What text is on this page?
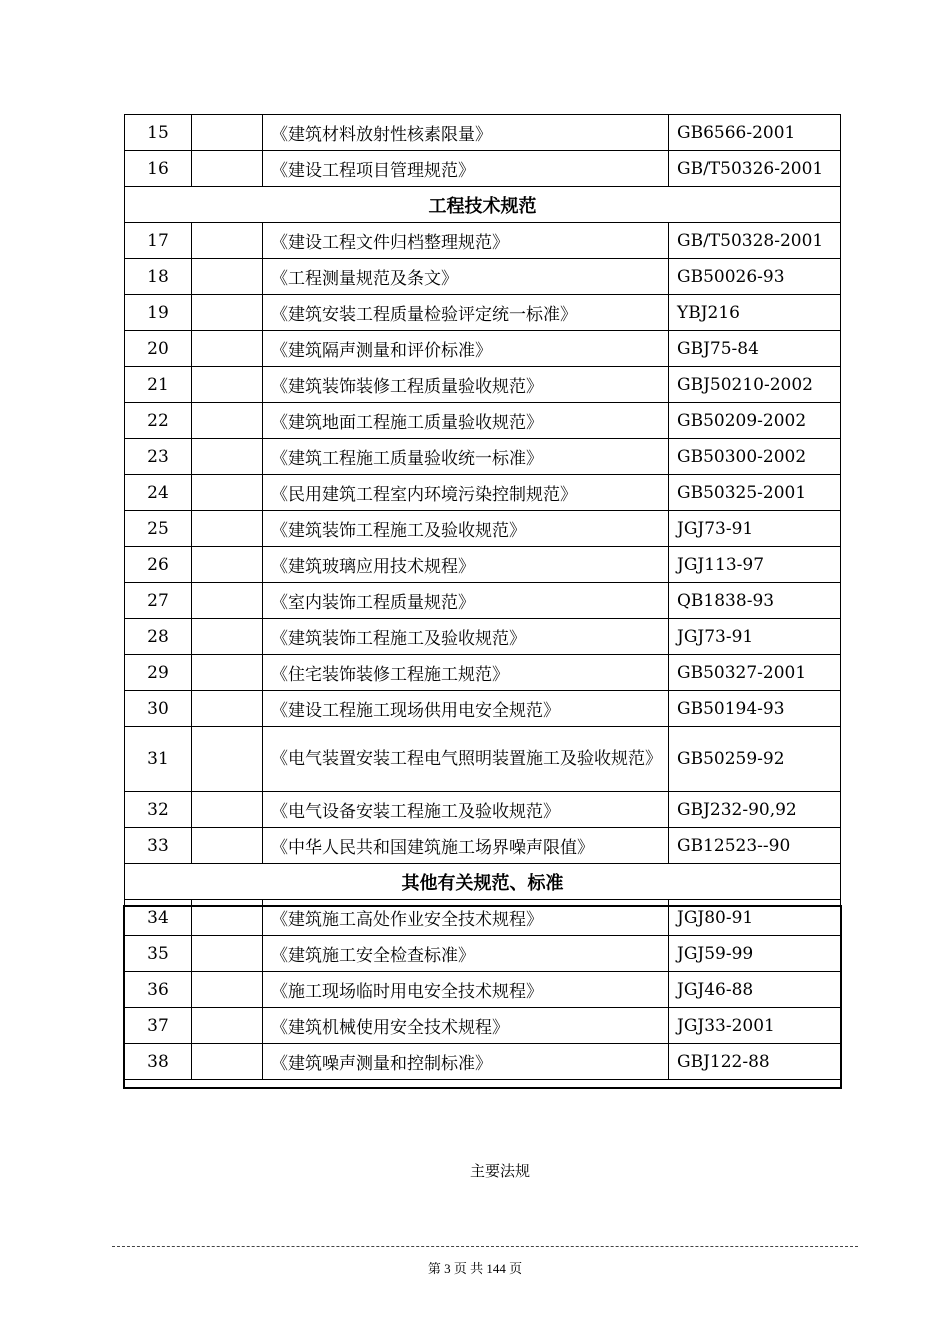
15		《建筑材料放射性核素限量》	GB6566-2001
16		《建设工程项目管理规范》	GB/T50326-2001
工程技术规范			
17		《建设工程文件归档整理规范》	GB/T50328-2001
18		《工程测量规范及条文》	GB50026-93
19		《建筑安装工程质量检验评定统一标准》	YBJ216
20		《建筑隔声测量和评价标准》	GBJ75-84
21		《建筑装饰装修工程质量验收规范》	GBJ50210-2002
22		《建筑地面工程施工质量验收规范》	GB50209-2002
23		《建筑工程施工质量验收统一标准》	GB50300-2002
24		《民用建筑工程室内环境污染控制规范》	GB50325-2001
25		《建筑装饰工程施工及验收规范》	JGJ73-91
26		《建筑玻璃应用技术规程》	JGJ113-97
27		《室内装饰工程质量规范》	QB1838-93
28		《建筑装饰工程施工及验收规范》	JGJ73-91
29		《住宅装饰装修工程施工规范》	GB50327-2001
30		《建设工程施工现场供用电安全规范》	GB50194-93
31		《电气装置安装工程电气照明装置施工及验收规范》	GB50259-92
32		《电气设备安装工程施工及验收规范》	GBJ232-90,92
33		《中华人民共和国建筑施工场界噪声限值》	GB12523--90
其他有关规范、标准			
34		《建筑施工高处作业安全技术规程》	JGJ80-91
35		《建筑施工安全检查标准》	JGJ59-99
36		《施工现场临时用电安全技术规程》	JGJ46-88
37		《建筑机械使用安全技术规程》	JGJ33-2001
38		《建筑噪声测量和控制标准》	GBJ122-88
主要法规
第 3 页 共 144 页
